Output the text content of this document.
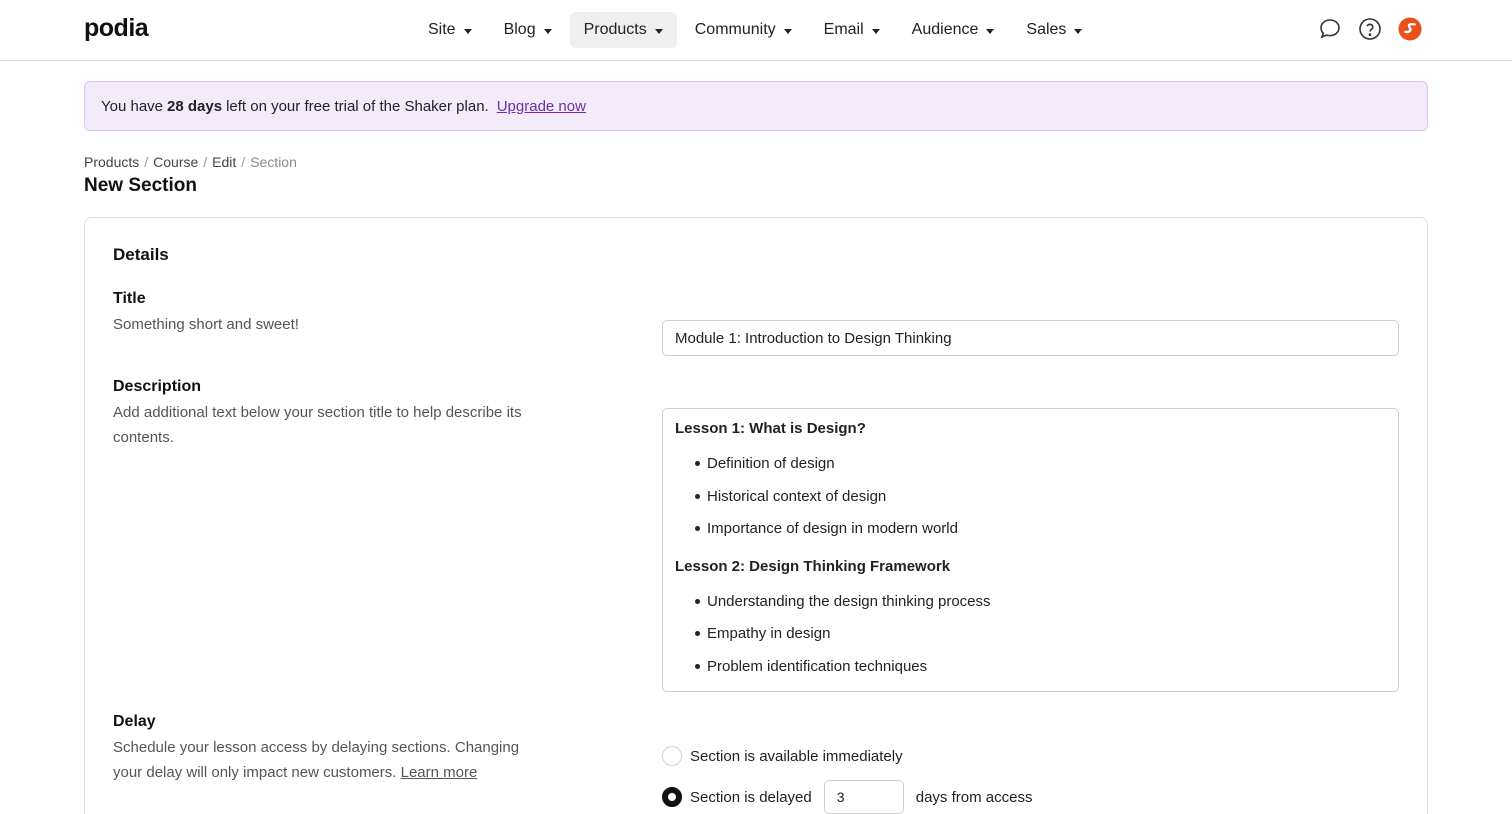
podia	Site	Blog	Products	Community	Email	Audience	Sales
You have 28 days left on your free trial of the Shaker plan. Upgrade now
Products / Course / Edit / Section
New Section
Details
Title
Something short and sweet!
Module 1: Introduction to Design Thinking
Description
Add additional text below your section title to help describe its contents.	Lesson 1: What is Design?
Definition of design
Historical context of design
Importance of design in modern world
Lesson 2: Design Thinking Framework
Understanding the design thinking process
Empathy in design
Problem identification techniques
Delay
Schedule your lesson access by delaying sections. Changing your delay will only impact new customers. Learn more
Section is available immediately
Section is delayed
3	days from access
